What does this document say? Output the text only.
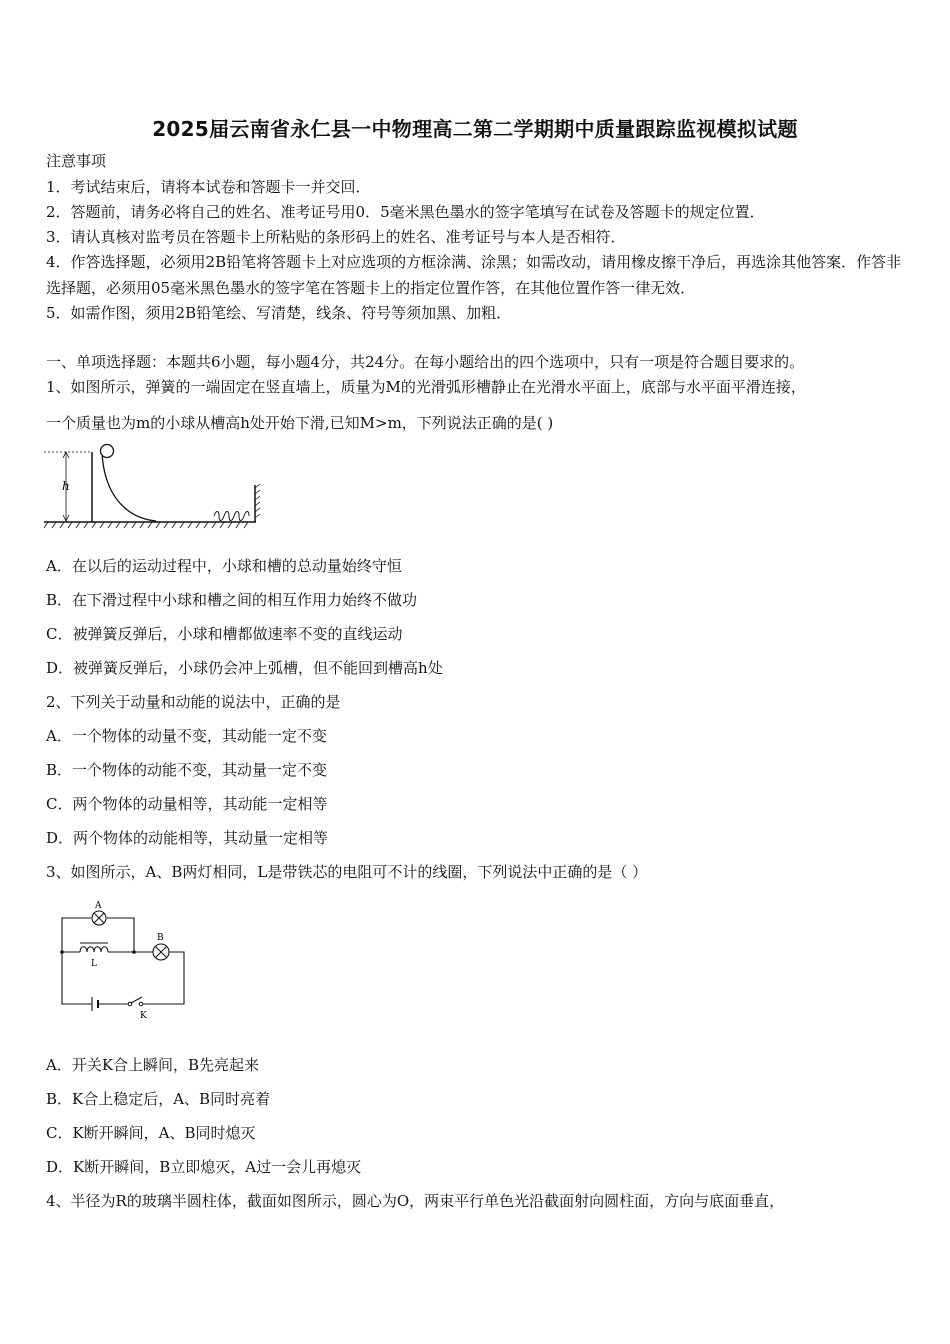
2025届云南省永仁县一中物理高二第二学期期中质量跟踪监视模拟试题
注意事项
1．考试结束后，请将本试卷和答题卡一并交回．
2．答题前，请务必将自己的姓名、准考证号用0．5毫米黑色墨水的签字笔填写在试卷及答题卡的规定位置．
3．请认真核对监考员在答题卡上所粘贴的条形码上的姓名、准考证号与本人是否相符．
4．作答选择题，必须用2B铅笔将答题卡上对应选项的方框涂满、涂黑；如需改动，请用橡皮擦干净后，再选涂其他答案．作答非选择题，必须用05毫米黑色墨水的签字笔在答题卡上的指定位置作答，在其他位置作答一律无效．
5．如需作图，须用2B铅笔绘、写清楚，线条、符号等须加黑、加粗．
一、单项选择题：本题共6小题，每小题4分，共24分。在每小题给出的四个选项中，只有一项是符合题目要求的。
1、如图所示，弹簧的一端固定在竖直墙上，质量为M的光滑弧形槽静止在光滑水平面上，底部与水平面平滑连接，
一个质量也为m的小球从槽高h处开始下滑,已知M>m，下列说法正确的是( )
h
A．在以后的运动过程中，小球和槽的总动量始终守恒
B．在下滑过程中小球和槽之间的相互作用力始终不做功
C．被弹簧反弹后，小球和槽都做速率不变的直线运动
D．被弹簧反弹后，小球仍会冲上弧槽，但不能回到槽高h处
2、下列关于动量和动能的说法中，正确的是
A．一个物体的动量不变，其动能一定不变
B．一个物体的动能不变，其动量一定不变
C．两个物体的动量相等，其动能一定相等
D．两个物体的动能相等，其动量一定相等
3、如图所示，A、B两灯相同，L是带铁芯的电阻可不计的线圈，下列说法中正确的是（ ）
A
L
B
K
A．开关K合上瞬间，B先亮起来
B．K合上稳定后，A、B同时亮着
C．K断开瞬间，A、B同时熄灭
D．K断开瞬间，B立即熄灭，A过一会儿再熄灭
4、半径为R的玻璃半圆柱体，截面如图所示，圆心为O，两束平行单色光沿截面射向圆柱面，方向与底面垂直，
